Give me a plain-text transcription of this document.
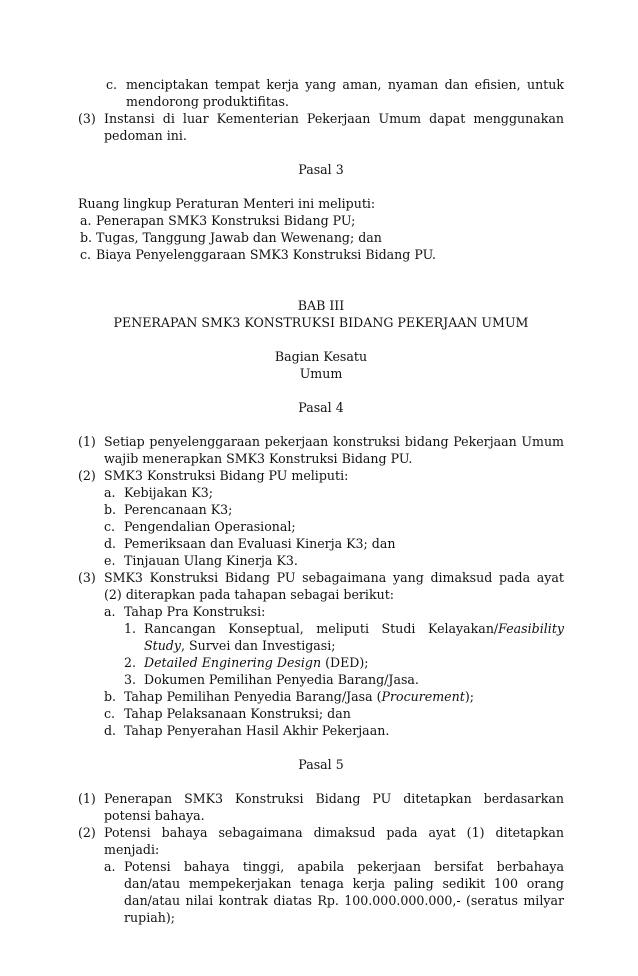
c. menciptakan tempat kerja yang aman, nyaman dan efisien, untuk mendorong produktifitas.
(3) Instansi di luar Kementerian Pekerjaan Umum dapat menggunakan pedoman ini.
Pasal 3
Ruang lingkup Peraturan Menteri ini meliputi:
a. Penerapan SMK3 Konstruksi Bidang PU;
b. Tugas, Tanggung Jawab dan Wewenang; dan
c. Biaya Penyelenggaraan SMK3 Konstruksi Bidang PU.
BAB III
PENERAPAN SMK3 KONSTRUKSI BIDANG PEKERJAAN UMUM
Bagian Kesatu
Umum
Pasal 4
(1) Setiap penyelenggaraan pekerjaan konstruksi bidang Pekerjaan Umum wajib menerapkan SMK3 Konstruksi Bidang PU.
(2) SMK3 Konstruksi Bidang PU meliputi:
a. Kebijakan K3;
b. Perencanaan K3;
c. Pengendalian Operasional;
d. Pemeriksaan dan Evaluasi Kinerja K3; dan
e. Tinjauan Ulang Kinerja K3.
(3) SMK3 Konstruksi Bidang PU sebagaimana yang dimaksud pada ayat (2) diterapkan pada tahapan sebagai berikut:
a. Tahap Pra Konstruksi:
1. Rancangan Konseptual, meliputi Studi Kelayakan/Feasibility Study, Survei dan Investigasi;
2. Detailed Enginering Design (DED);
3. Dokumen Pemilihan Penyedia Barang/Jasa.
b. Tahap Pemilihan Penyedia Barang/Jasa (Procurement);
c. Tahap Pelaksanaan Konstruksi; dan
d. Tahap Penyerahan Hasil Akhir Pekerjaan.
Pasal 5
(1) Penerapan SMK3 Konstruksi Bidang PU ditetapkan berdasarkan potensi bahaya.
(2) Potensi bahaya sebagaimana dimaksud pada ayat (1) ditetapkan menjadi:
a. Potensi bahaya tinggi, apabila pekerjaan bersifat berbahaya dan/atau mempekerjakan tenaga kerja paling sedikit 100 orang dan/atau nilai kontrak diatas Rp. 100.000.000.000,- (seratus milyar rupiah);
